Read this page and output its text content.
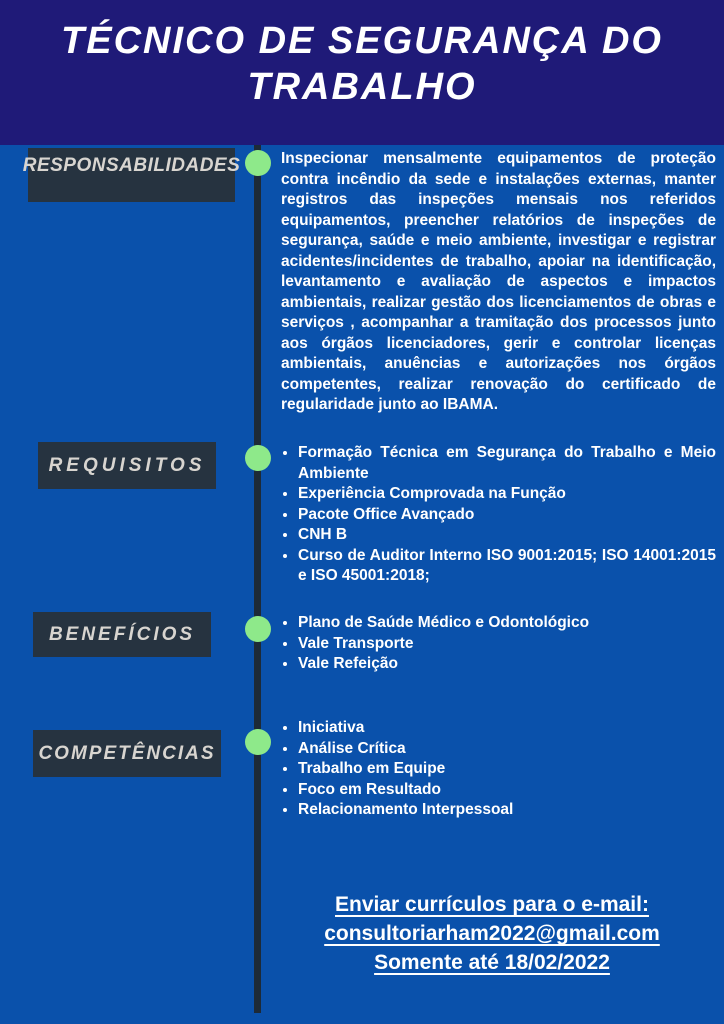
TÉCNICO DE SEGURANÇA DO
TRABALHO
RESPONSABILIDADES
REQUISITOS
BENEFÍCIOS
COMPETÊNCIAS
Inspecionar mensalmente equipamentos de proteção contra incêndio da sede e instalações externas, manter registros das inspeções mensais nos referidos equipamentos, preencher relatórios de inspeções de segurança, saúde e meio ambiente, investigar e registrar acidentes/incidentes de trabalho, apoiar na identificação, levantamento e avaliação de aspectos e impactos ambientais, realizar gestão dos licenciamentos de obras e serviços , acompanhar a tramitação dos processos junto aos órgãos licenciadores, gerir e controlar licenças ambientais, anuências e autorizações nos órgãos competentes, realizar renovação do certificado de regularidade junto ao IBAMA.
• Formação Técnica em Segurança do Trabalho e Meio Ambiente
• Experiência Comprovada na Função
• Pacote Office Avançado
• CNH B
• Curso de Auditor Interno ISO 9001:2015; ISO 14001:2015 e ISO 45001:2018;
• Plano de Saúde Médico e Odontológico
• Vale Transporte
• Vale Refeição
• Iniciativa
• Análise Crítica
• Trabalho em Equipe
• Foco em Resultado
• Relacionamento Interpessoal
Enviar currículos para o e-mail:
consultoriarham2022@gmail.com
Somente até 18/02/2022
